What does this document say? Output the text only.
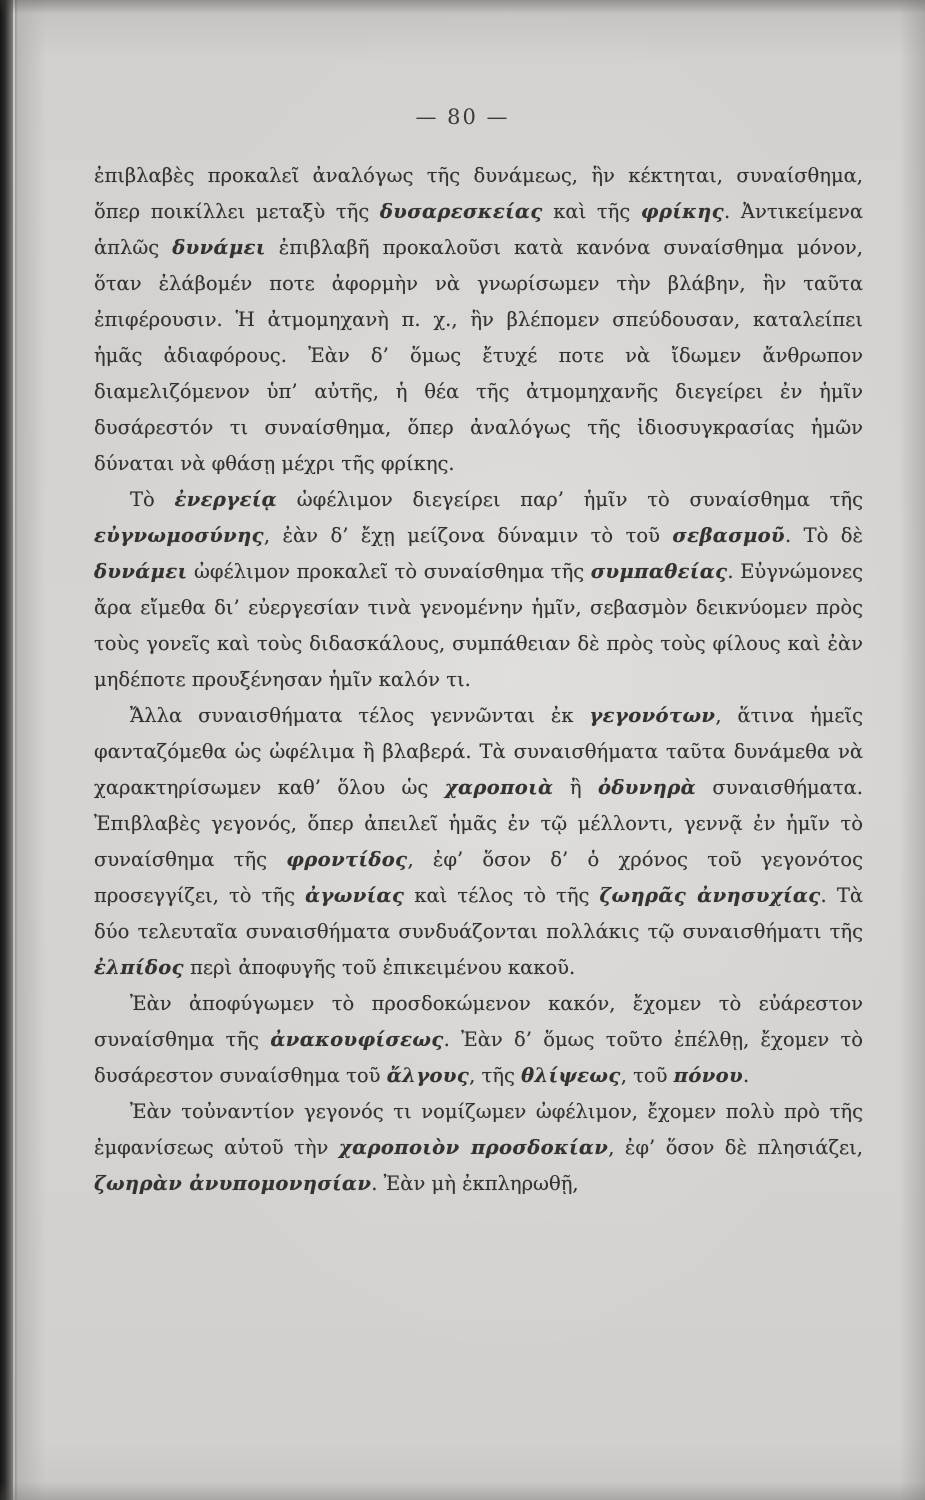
— 80 —

ἐπιβλαβὲς προκαλεῖ ἀναλόγως τῆς δυνάμεως, ἣν κέκτηται, συναίσθημα, ὅπερ ποικίλλει μεταξὺ τῆς δυσαρεσκείας καὶ τῆς φρίκης. Ἀντικείμενα ἁπλῶς δυνάμει ἐπιβλαβῆ προκαλοῦσι κατὰ κανόνα συναίσθημα μόνον, ὅταν ἐλάβομέν ποτε ἀφορμὴν νὰ γνωρίσωμεν τὴν βλάβην, ἣν ταῦτα ἐπιφέρουσιν. Ἡ ἀτμομηχανὴ π. χ., ἣν βλέπομεν σπεύδουσαν, καταλείπει ἡμᾶς ἀδιαφόρους. Ἐὰν δ’ ὅμως ἔτυχέ ποτε νὰ ἴδωμεν ἄνθρωπον διαμελιζόμενον ὑπ’ αὐτῆς, ἡ θέα τῆς ἀτμομηχανῆς διεγείρει ἐν ἡμῖν δυσάρεστόν τι συναίσθημα, ὅπερ ἀναλόγως τῆς ἰδιοσυγκρασίας ἡμῶν δύναται νὰ φθάσῃ μέχρι τῆς φρίκης.

Τὸ ἐνεργείᾳ ὠφέλιμον διεγείρει παρ’ ἡμῖν τὸ συναίσθημα τῆς εὐγνωμοσύνης, ἐὰν δ’ ἔχῃ μείζονα δύναμιν τὸ τοῦ σεβασμοῦ. Τὸ δὲ δυνάμει ὠφέλιμον προκαλεῖ τὸ συναίσθημα τῆς συμπαθείας. Εὐγνώμονες ἄρα εἴμεθα δι’ εὐεργεσίαν τινὰ γενομένην ἡμῖν, σεβασμὸν δεικνύομεν πρὸς τοὺς γονεῖς καὶ τοὺς διδασκάλους, συμπάθειαν δὲ πρὸς τοὺς φίλους καὶ ἐὰν μηδέποτε προυξένησαν ἡμῖν καλόν τι.

Ἄλλα συναισθήματα τέλος γεννῶνται ἐκ γεγονότων, ἅτινα ἡμεῖς φανταζόμεθα ὡς ὠφέλιμα ἢ βλαβερά. Τὰ συναισθήματα ταῦτα δυνάμεθα νὰ χαρακτηρίσωμεν καθ’ ὅλου ὡς χαροποιὰ ἢ ὀδυνηρὰ συναισθήματα. Ἐπιβλαβὲς γεγονός, ὅπερ ἀπειλεῖ ἡμᾶς ἐν τῷ μέλλοντι, γεννᾷ ἐν ἡμῖν τὸ συναίσθημα τῆς φροντίδος, ἐφ’ ὅσον δ’ ὁ χρόνος τοῦ γεγονότος προσεγγίζει, τὸ τῆς ἀγωνίας καὶ τέλος τὸ τῆς ζωηρᾶς ἀνησυχίας. Τὰ δύο τελευταῖα συναισθήματα συνδυάζονται πολλάκις τῷ συναισθήματι τῆς ἐλπίδος περὶ ἀποφυγῆς τοῦ ἐπικειμένου κακοῦ.

Ἐὰν ἀποφύγωμεν τὸ προσδοκώμενον κακόν, ἔχομεν τὸ εὐάρεστον συναίσθημα τῆς ἀνακουφίσεως. Ἐὰν δ’ ὅμως τοῦτο ἐπέλθῃ, ἔχομεν τὸ δυσάρεστον συναίσθημα τοῦ ἄλγους, τῆς θλίψεως, τοῦ πόνου.

Ἐὰν τοὐναντίον γεγονός τι νομίζωμεν ὠφέλιμον, ἔχομεν πολὺ πρὸ τῆς ἐμφανίσεως αὐτοῦ τὴν χαροποιὸν προσδοκίαν, ἐφ’ ὅσον δὲ πλησιάζει, ζωηρὰν ἀνυπομονησίαν. Ἐὰν μὴ ἐκπληρωθῇ,
